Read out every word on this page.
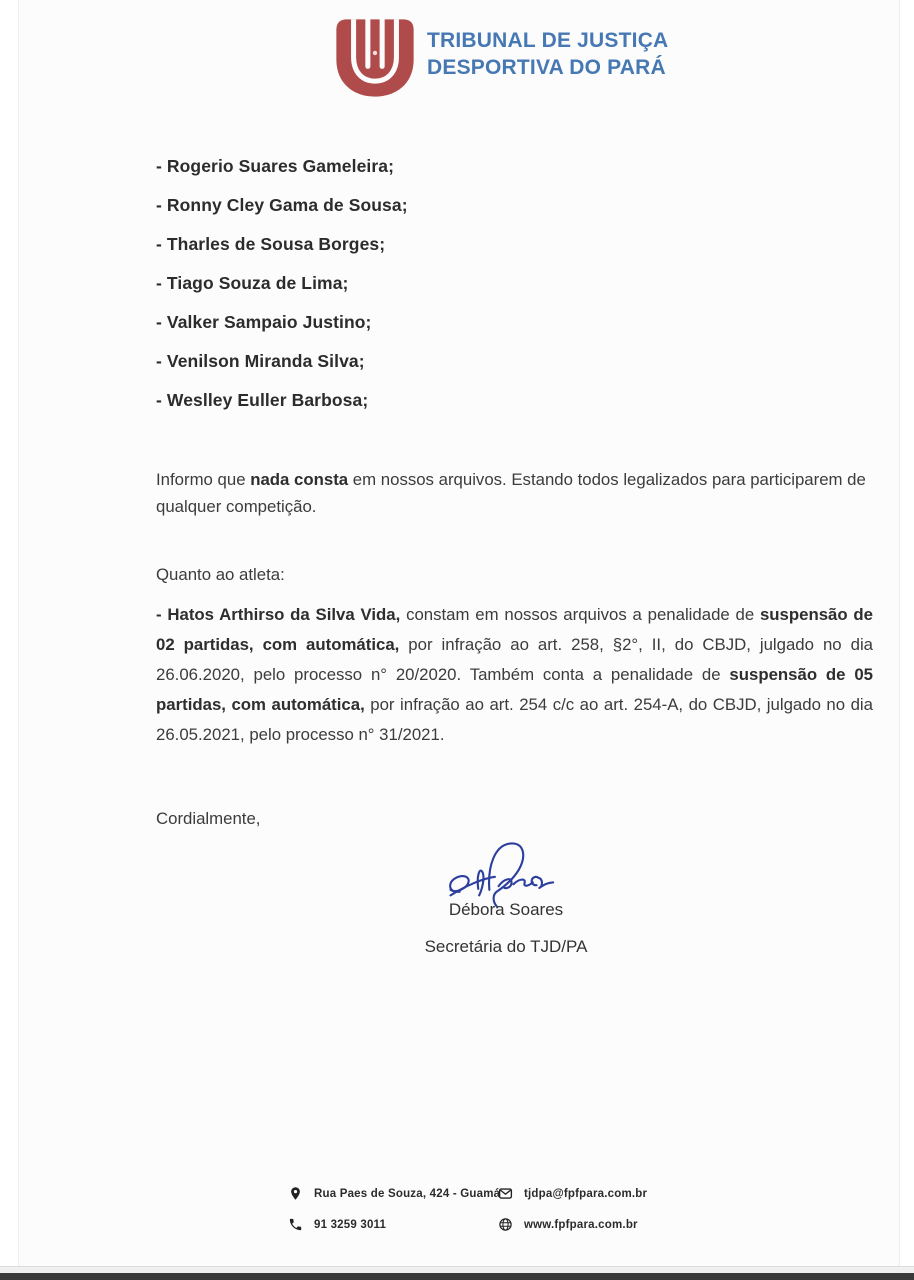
TRIBUNAL DE JUSTIÇA
DESPORTIVA DO PARÁ
- Rogerio Suares Gameleira;
- Ronny Cley Gama de Sousa;
- Tharles de Sousa Borges;
- Tiago Souza de Lima;
- Valker Sampaio Justino;
- Venilson Miranda Silva;
- Weslley Euller Barbosa;

Informo que nada consta em nossos arquivos. Estando todos legalizados para participarem de qualquer competição.

Quanto ao atleta:

- Hatos Arthirso da Silva Vida, constam em nossos arquivos a penalidade de suspensão de 02 partidas, com automática, por infração ao art. 258, §2°, II, do CBJD, julgado no dia 26.06.2020, pelo processo n° 20/2020. Também conta a penalidade de suspensão de 05 partidas, com automática, por infração ao art. 254 c/c ao art. 254-A, do CBJD, julgado no dia 26.05.2021, pelo processo n° 31/2021.

Cordialmente,

Débora Soares
Secretária do TJD/PA
Rua Paes de Souza, 424 - Guamá
91 3259 3011
tjdpa@fpfpara.com.br
www.fpfpara.com.br
